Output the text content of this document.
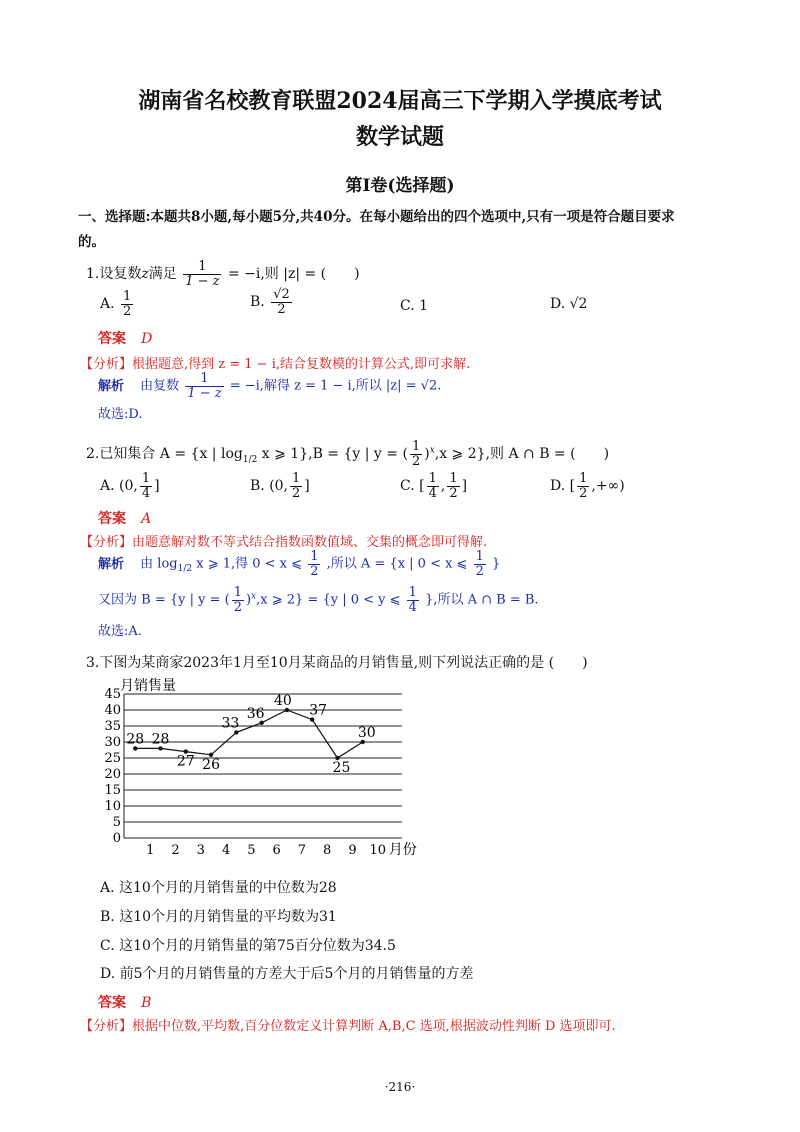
湖南省名校教育联盟2024届高三下学期入学摸底考试
数学试题
第Ⅰ卷(选择题)
一、选择题:本题共8小题,每小题5分,共40分。在每小题给出的四个选项中,只有一项是符合题目要求
的。
1.设复数z满足 $\frac{1}{1 - z} = -i$,则 |z| = (　　)
A. $\frac{1}{2}$	B. $\frac{√2}{2}$	C. 1	D. √2
答案 D
【分析】根据题意,得到 z = 1 − i,结合复数模的计算公式,即可求解.
解析 由复数 $\frac{1}{1 - z} = -i$,解得 z = 1 − i,所以 |z| = √2.
故选:D.
2.已知集合 A = {x | $\log_{1/2} x$ ⩾ 1},B = {y | y = ( $\frac{1}{2} )^x,x$ ⩾ 2},则 A ∩ B = (　　)
A. (0, $\frac{1}{4}$ ]	B. (0, $\frac{1}{2}$ ]	C. [ $\frac{1}{4}$ , $\frac{1}{2}$ ]	D. [ $\frac{1}{2}$ ,+∞)
答案 A
【分析】由题意解对数不等式结合指数函数值域、交集的概念即可得解.
解析 由 $\log_{1/2} x$ ⩾ 1,得 0 < x ⩽ $\frac{1}{2}$ ,所以 A = {x | 0 < x ⩽ $\frac{1}{2}$ }
又因为 B = {y | y = ( $\frac{1}{2} )^x,x$ ⩾ 2} = {y | 0 < y ⩽ $\frac{1}{4}$ },所以 A ∩ B = B.
故选:A.
3.下图为某商家2023年1月至10月某商品的月销售量,则下列说法正确的是 (　　)
月销售量
0
5
10
15
20
25
30
35
40
45
1 2 3 4 5 6 7 8 9 10
28 28
27 26
33
36
40
37
25
30
月份
A. 这10个月的月销售量的中位数为28
B. 这10个月的月销售量的平均数为31
C. 这10个月的月销售量的第75百分位数为34.5
D. 前5个月的月销售量的方差大于后5个月的月销售量的方差
答案 B
【分析】根据中位数,平均数,百分位数定义计算判断 A,B,C 选项,根据波动性判断 D 选项即可.
·216·
